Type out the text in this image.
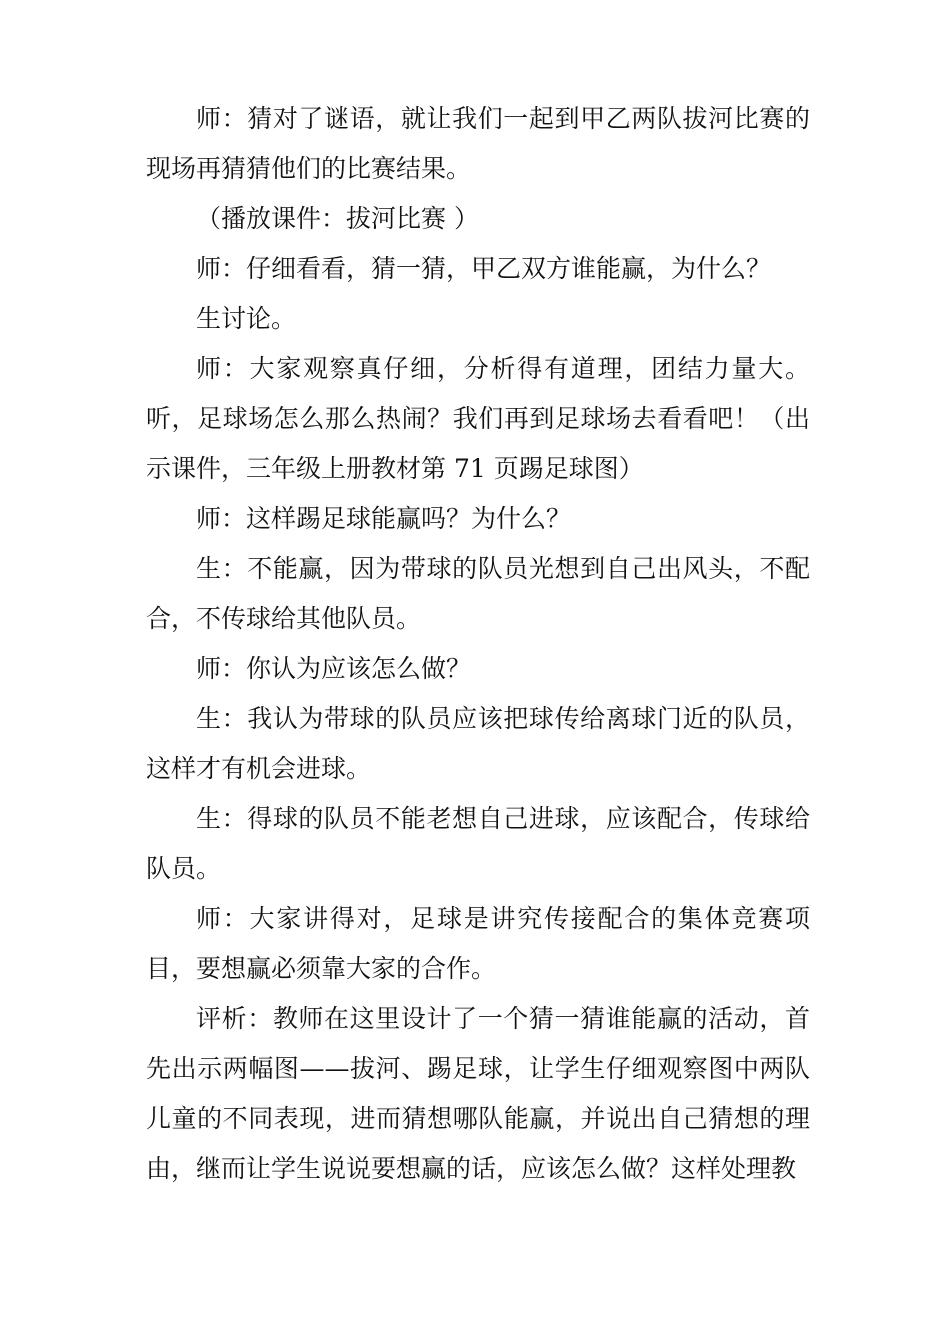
师：猜对了谜语，就让我们一起到甲乙两队拔河比赛的现场再猜猜他们的比赛结果。

（播放课件：拔河比赛 ）

师：仔细看看，猜一猜，甲乙双方谁能赢，为什么？

生讨论。

师：大家观察真仔细，分析得有道理，团结力量大。听，足球场怎么那么热闹？我们再到足球场去看看吧！（出示课件，三年级上册教材第 71 页踢足球图）

师：这样踢足球能赢吗？为什么？

生：不能赢，因为带球的队员光想到自己出风头，不配合，不传球给其他队员。

师：你认为应该怎么做？

生：我认为带球的队员应该把球传给离球门近的队员，这样才有机会进球。

生：得球的队员不能老想自己进球，应该配合，传球给队员。

师：大家讲得对，足球是讲究传接配合的集体竞赛项目，要想赢必须靠大家的合作。

评析：教师在这里设计了一个猜一猜谁能赢的活动，首先出示两幅图——拔河、踢足球，让学生仔细观察图中两队儿童的不同表现，进而猜想哪队能赢，并说出自己猜想的理由，继而让学生说说要想赢的话，应该怎么做？这样处理教
